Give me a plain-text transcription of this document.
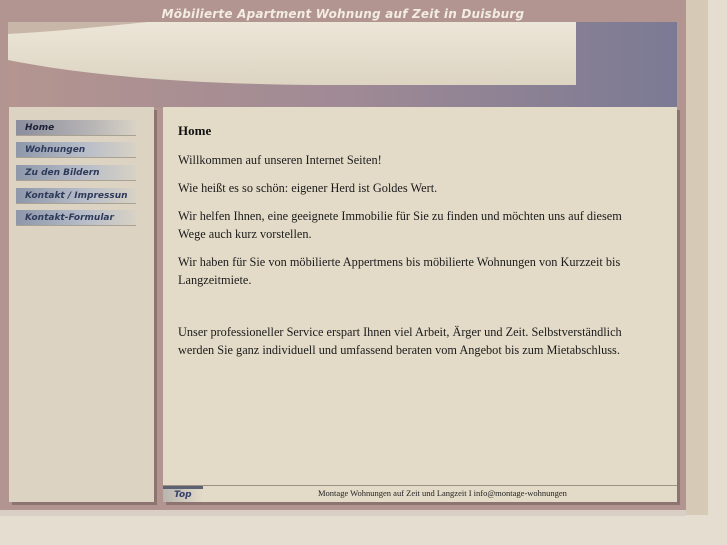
Möbilierte Apartment Wohnung auf Zeit in Duisburg
Home
Wohnungen
Zu den Bildern
Kontakt / Impressun
Kontakt-Formular
Home

Willkommen auf unseren Internet Seiten!

Wie heißt es so schön: eigener Herd ist Goldes Wert.

Wir helfen Ihnen, eine geeignete Immobilie für Sie zu finden und möchten uns auf diesem Wege auch kurz vorstellen.

Wir haben für Sie von möbilierte Appertmens bis möbilierte Wohnungen von Kurzzeit bis Langzeitmiete.

Unser professioneller Service erspart Ihnen viel Arbeit, Ärger und Zeit. Selbstverständlich werden Sie ganz individuell und umfassend beraten vom Angebot bis zum Mietabschluss.

Top	Montage Wohnungen auf Zeit und Langzeit I info@montage-wohnungen
